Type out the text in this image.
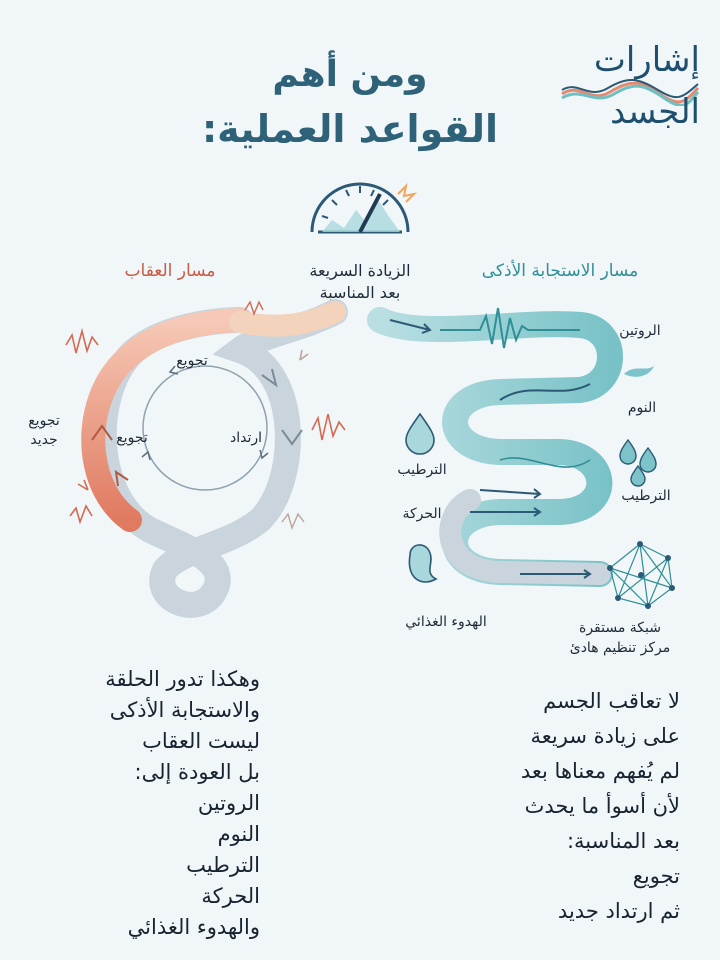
إشارات
الجسد
ومن أهم
القواعد العملية:
الزيادة السريعة
بعد المناسبة
مسار العقاب	مسار الاستجابة الأذكى
تجويع
تجويع	ارتداد
تجويع
جديد
الروتين
النوم
الترطيب
الترطيب
الحركة
الهدوء الغذائي	شبكة مستقرة
مركز تنظيم هادئ
وهكذا تدور الحلقة
والاستجابة الأذكى
ليست العقاب
بل العودة إلى:
الروتين
النوم
الترطيب
الحركة
والهدوء الغذائي
لا تعاقب الجسم
على زيادة سريعة
لم يُفهم معناها بعد
لأن أسوأ ما يحدث
بعد المناسبة:
تجويع
ثم ارتداد جديد
